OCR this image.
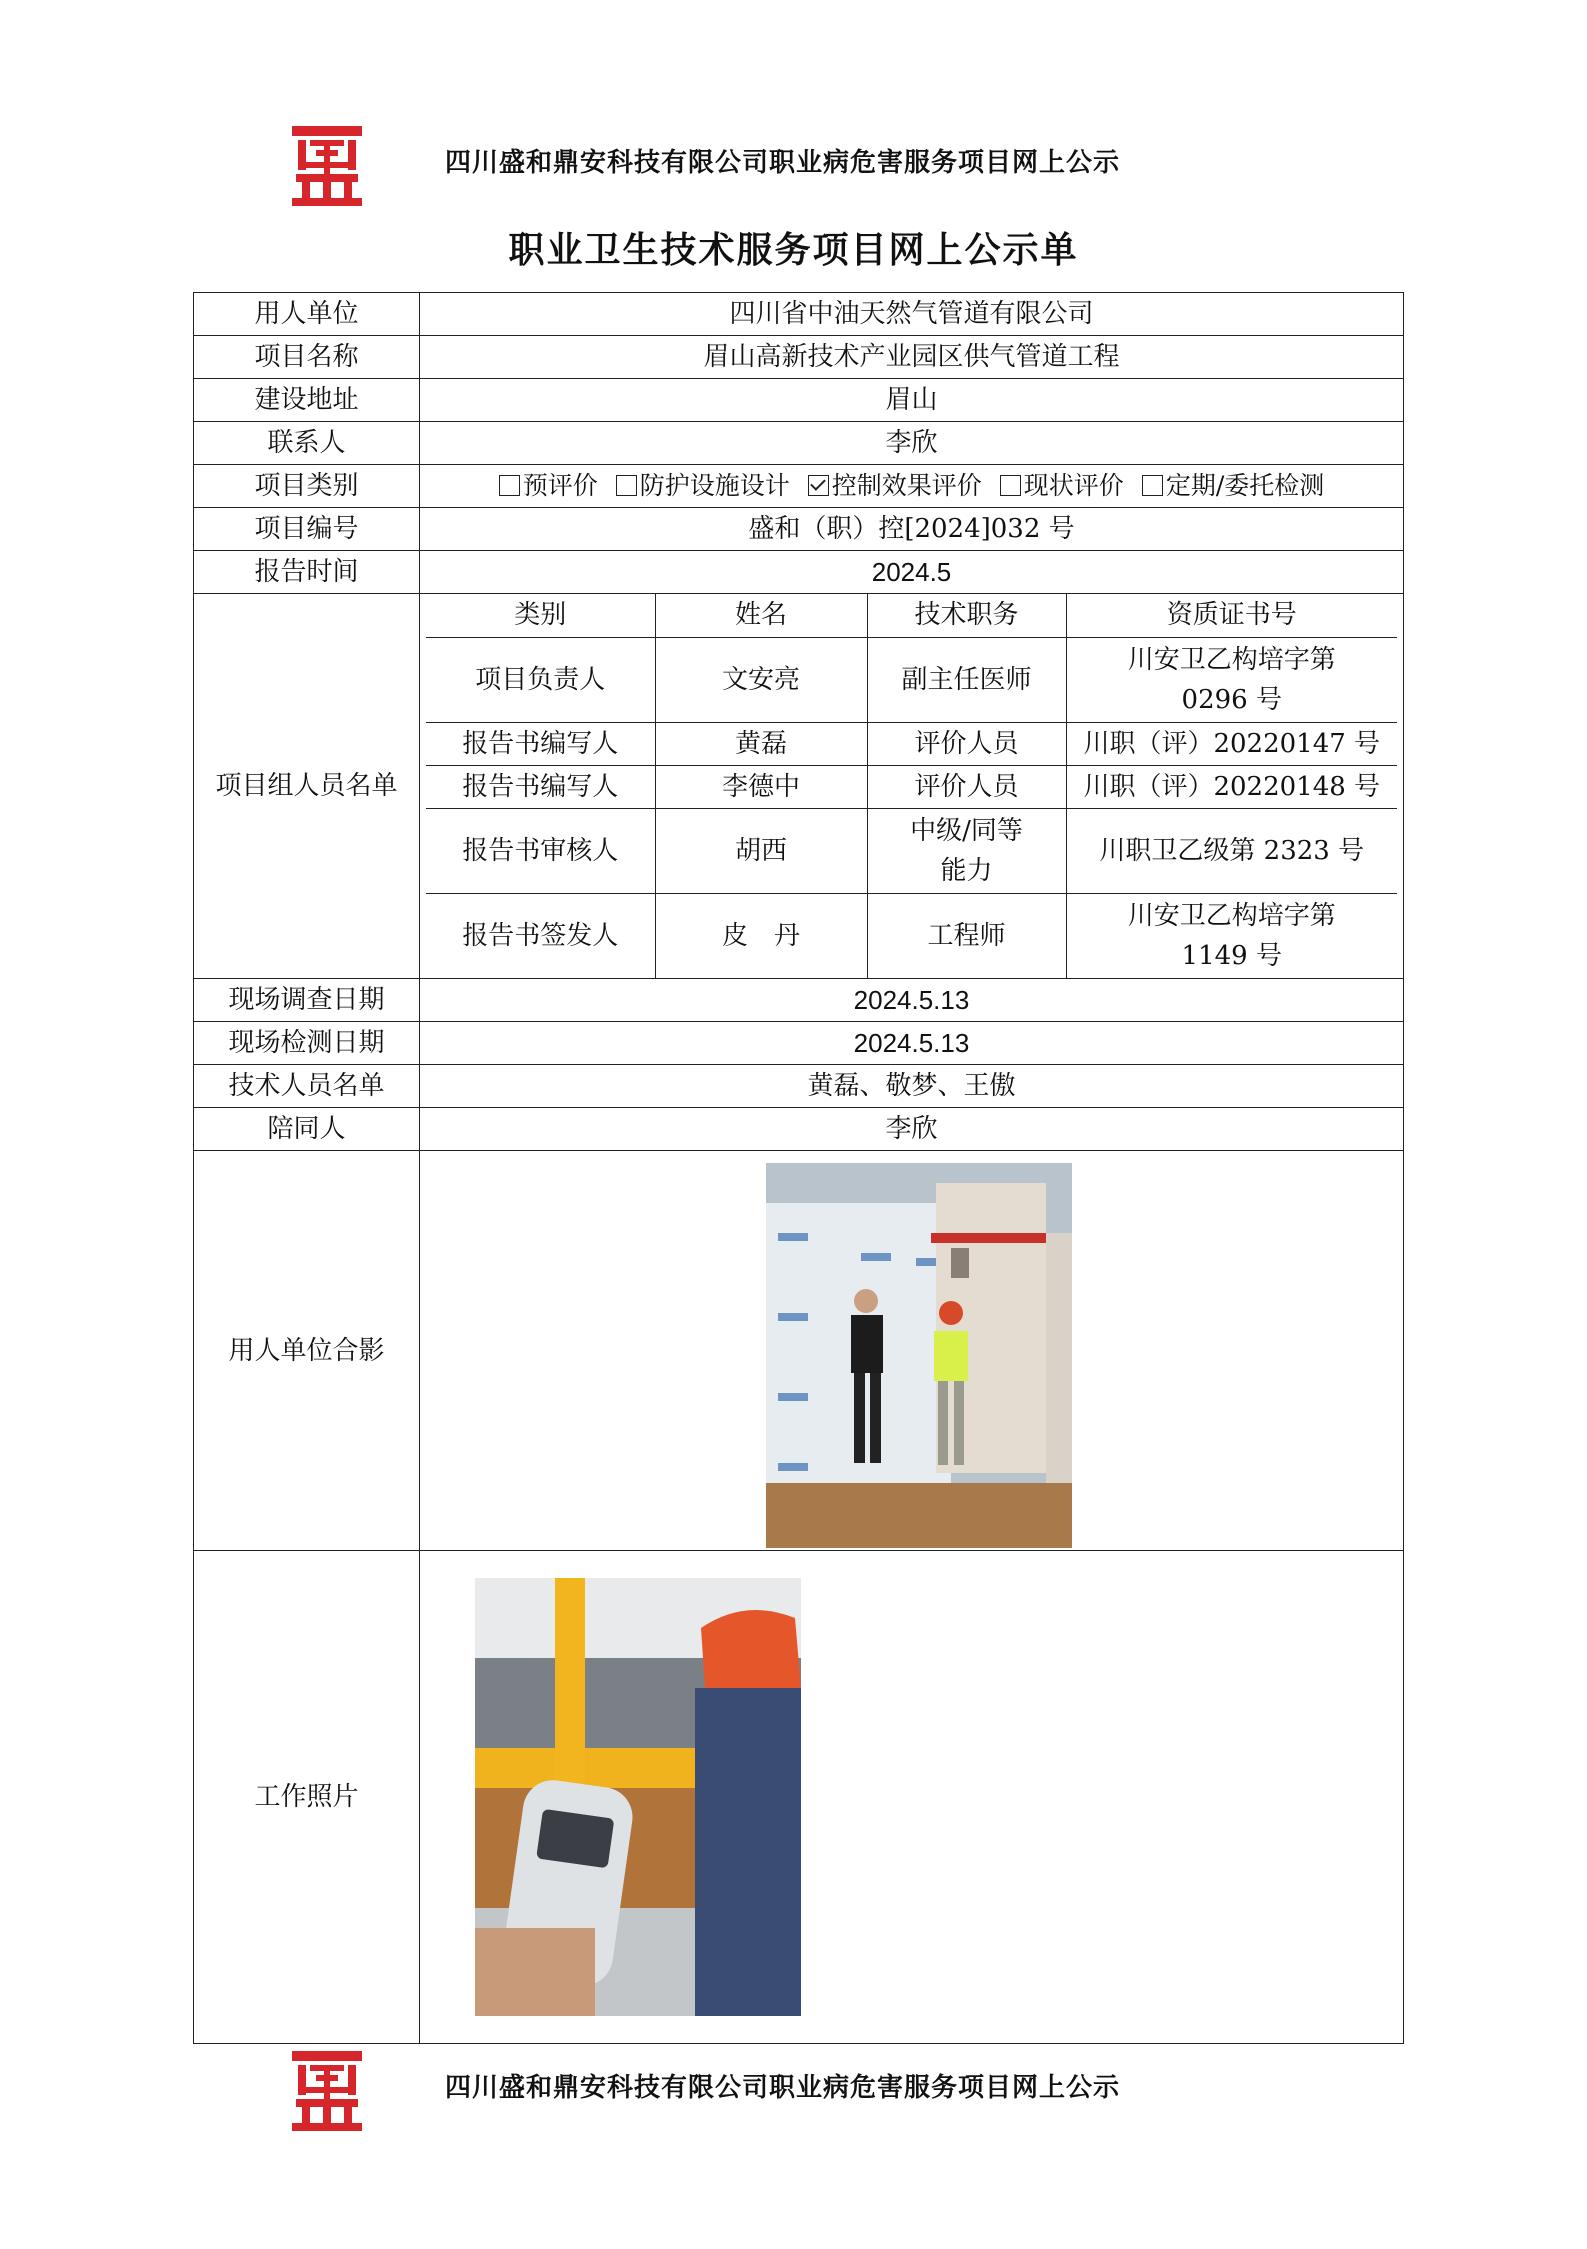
四川盛和鼎安科技有限公司职业病危害服务项目网上公示
职业卫生技术服务项目网上公示单
用人单位	四川省中油天然气管道有限公司
项目名称	眉山高新技术产业园区供气管道工程
建设地址	眉山
联系人	李欣
项目类别	预评价 防护设施设计 控制效果评价 现状评价 定期/委托检测
项目编号	盛和（职）控[2024]032 号
报告时间	2024.5
项目组人员名单	
类别	姓名	技术职务	资质证书号
项目负责人	文安亮	副主任医师	川安卫乙构培字第 0296 号
报告书编写人	黄磊	评价人员	川职（评）20220147 号
报告书编写人	李德中	评价人员	川职（评）20220148 号
报告书审核人	胡西	中级/同等能力	川职卫乙级第 2323 号
报告书签发人	皮　丹	工程师	川安卫乙构培字第 1149 号

现场调查日期	2024.5.13
现场检测日期	2024.5.13
技术人员名单	黄磊、敬梦、王傲
陪同人	李欣
用人单位合影	
工作照片	

四川盛和鼎安科技有限公司职业病危害服务项目网上公示
